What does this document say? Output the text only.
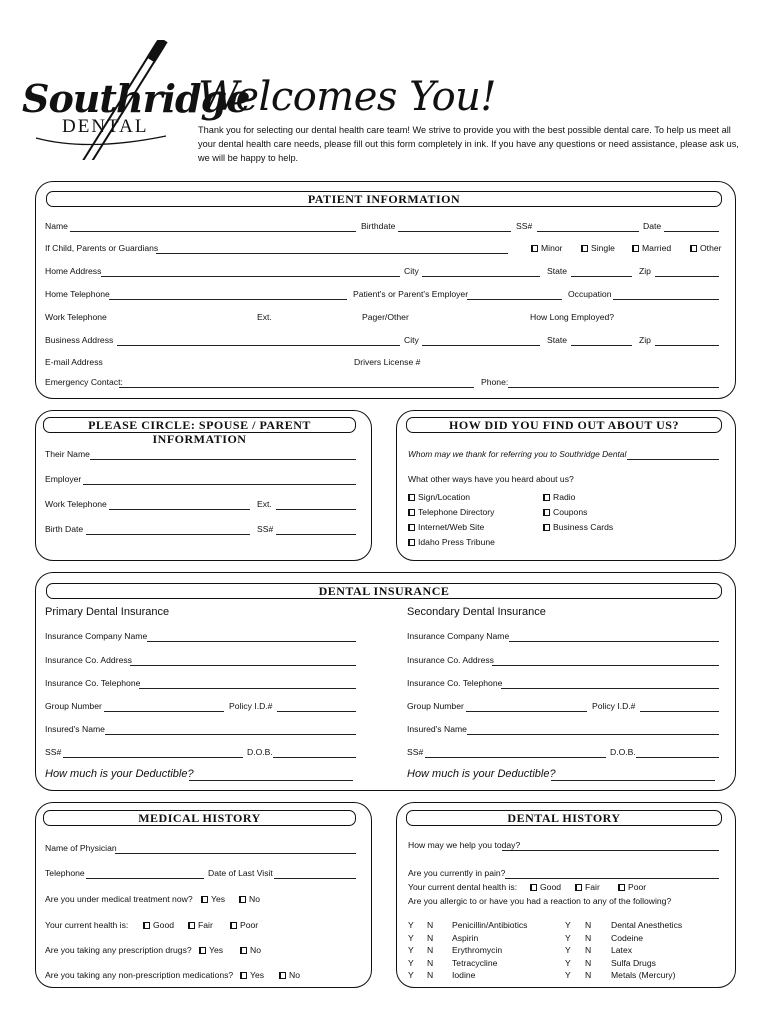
Southridge
DENTAL
Welcomes You!
Thank you for selecting our dental health care team! We strive to provide you with the best possible dental care. To help us meet all your dental health care needs, please fill out this form completely in ink. If you have any questions or need assistance, please ask us, we will be happy to help.
PATIENT INFORMATION
Name	Birthdate	SS#	Date
If Child, Parents or Guardians	Minor	Single	Married	Other
Home Address	City	State	Zip
Home Telephone	Patient's or Parent's Employer	Occupation
Work Telephone	Ext.	Pager/Other	How Long Employed?
Business Address	City	State	Zip
E-mail Address	Drivers License #
Emergency Contact:	Phone:
PLEASE CIRCLE: SPOUSE / PARENT INFORMATION
Their Name
Employer
Work Telephone	Ext.
Birth Date	SS#
HOW DID YOU FIND OUT ABOUT US?
Whom may we thank for referring you to Southridge Dental
What other ways have you heard about us?
Sign/Location	Radio
Telephone Directory	Coupons
Internet/Web Site	Business Cards
Idaho Press Tribune
DENTAL INSURANCE
Primary Dental Insurance	Secondary Dental Insurance
Insurance Company Name
Insurance Co. Address
Insurance Co. Telephone
Group Number	Policy I.D.#
Insured's Name
SS#	D.O.B.
How much is your Deductible?
Insurance Company Name
Insurance Co. Address
Insurance Co. Telephone
Group Number	Policy I.D.#
Insured's Name
SS#	D.O.B.
How much is your Deductible?
MEDICAL HISTORY
Name of Physician
Telephone	Date of Last Visit
Are you under medical treatment now?	Yes	No
Your current health is:	Good	Fair	Poor
Are you taking any prescription drugs?	Yes	No
Are you taking any non-prescription medications?	Yes	No
DENTAL HISTORY
How may we help you today?
Are you currently in pain?
Your current dental health is:	Good	Fair	Poor
Are you allergic to or have you had a reaction to any of the following?
Y N Penicillin/Antibiotics	Y N Dental Anesthetics
Y N Aspirin	Y N Codeine
Y N Erythromycin	Y N Latex
Y N Tetracycline	Y N Sulfa Drugs
Y N Iodine	Y N Metals (Mercury)
